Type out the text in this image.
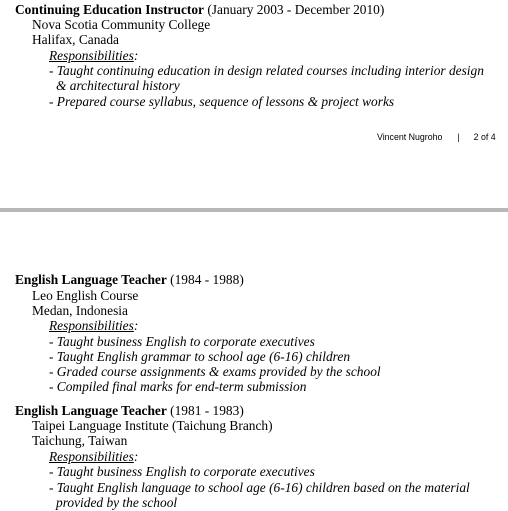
Continuing Education Instructor (January 2003 - December 2010)
Nova Scotia Community College
Halifax, Canada
Responsibilities:
- Taught continuing education in design related courses including interior design
& architectural history
- Prepared course syllabus, sequence of lessons & project works
Vincent Nugroho | 2 of 4
English Language Teacher (1984 - 1988)
Leo English Course
Medan, Indonesia
Responsibilities:
- Taught business English to corporate executives
- Taught English grammar to school age (6-16) children
- Graded course assignments & exams provided by the school
- Compiled final marks for end-term submission
English Language Teacher (1981 - 1983)
Taipei Language Institute (Taichung Branch)
Taichung, Taiwan
Responsibilities:
- Taught business English to corporate executives
- Taught English language to school age (6-16) children based on the material
provided by the school
